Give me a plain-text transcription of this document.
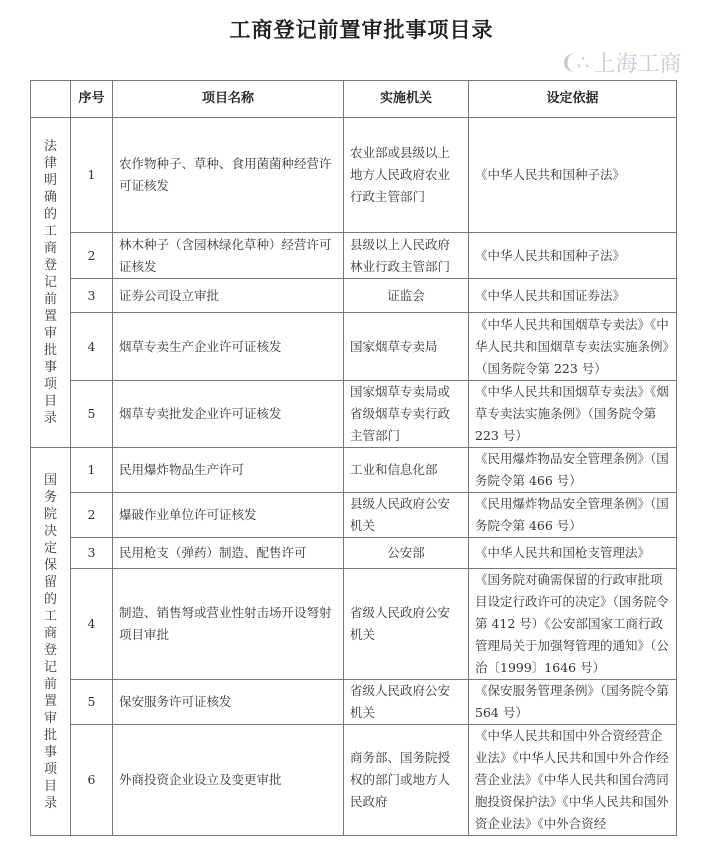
工商登记前置审批事项目录
	序号	项目名称	实施机关	设定依据

法律明确的工商登记前置审批事项目录	1	农作物种子、草种、食用菌菌种经营许可证核发	农业部或县级以上地方人民政府农业行政主管部门	《中华人民共和国种子法》
	2	林木种子（含园林绿化草种）经营许可证核发	县级以上人民政府林业行政主管部门	《中华人民共和国种子法》
	3	证券公司设立审批	证监会	《中华人民共和国证券法》
	4	烟草专卖生产企业许可证核发	国家烟草专卖局	《中华人民共和国烟草专卖法》《中华人民共和国烟草专卖法实施条例》（国务院令第 223 号）
	5	烟草专卖批发企业许可证核发	国家烟草专卖局或省级烟草专卖行政主管部门	《中华人民共和国烟草专卖法》《烟草专卖法实施条例》（国务院令第 223 号）

国务院决定保留的工商登记前置审批事项目录	1	民用爆炸物品生产许可	工业和信息化部	《民用爆炸物品安全管理条例》（国务院令第 466 号）
	2	爆破作业单位许可证核发	县级人民政府公安机关	《民用爆炸物品安全管理条例》（国务院令第 466 号）
	3	民用枪支（弹药）制造、配售许可	公安部	《中华人民共和国枪支管理法》
	4	制造、销售弩或营业性射击场开设弩射项目审批	省级人民政府公安机关	《国务院对确需保留的行政审批项目设定行政许可的决定》（国务院令第 412 号）《公安部国家工商行政管理局关于加强弩管理的通知》（公治〔1999〕1646 号）
	5	保安服务许可证核发	省级人民政府公安机关	《保安服务管理条例》（国务院令第 564 号）
	6	外商投资企业设立及变更审批	商务部、国务院授权的部门或地方人民政府	《中华人民共和国中外合资经营企业法》《中华人民共和国中外合作经营企业法》《中华人民共和国台湾同胞投资保护法》《中华人民共和国外资企业法》《中外合资经
❨∴ 上海工商
